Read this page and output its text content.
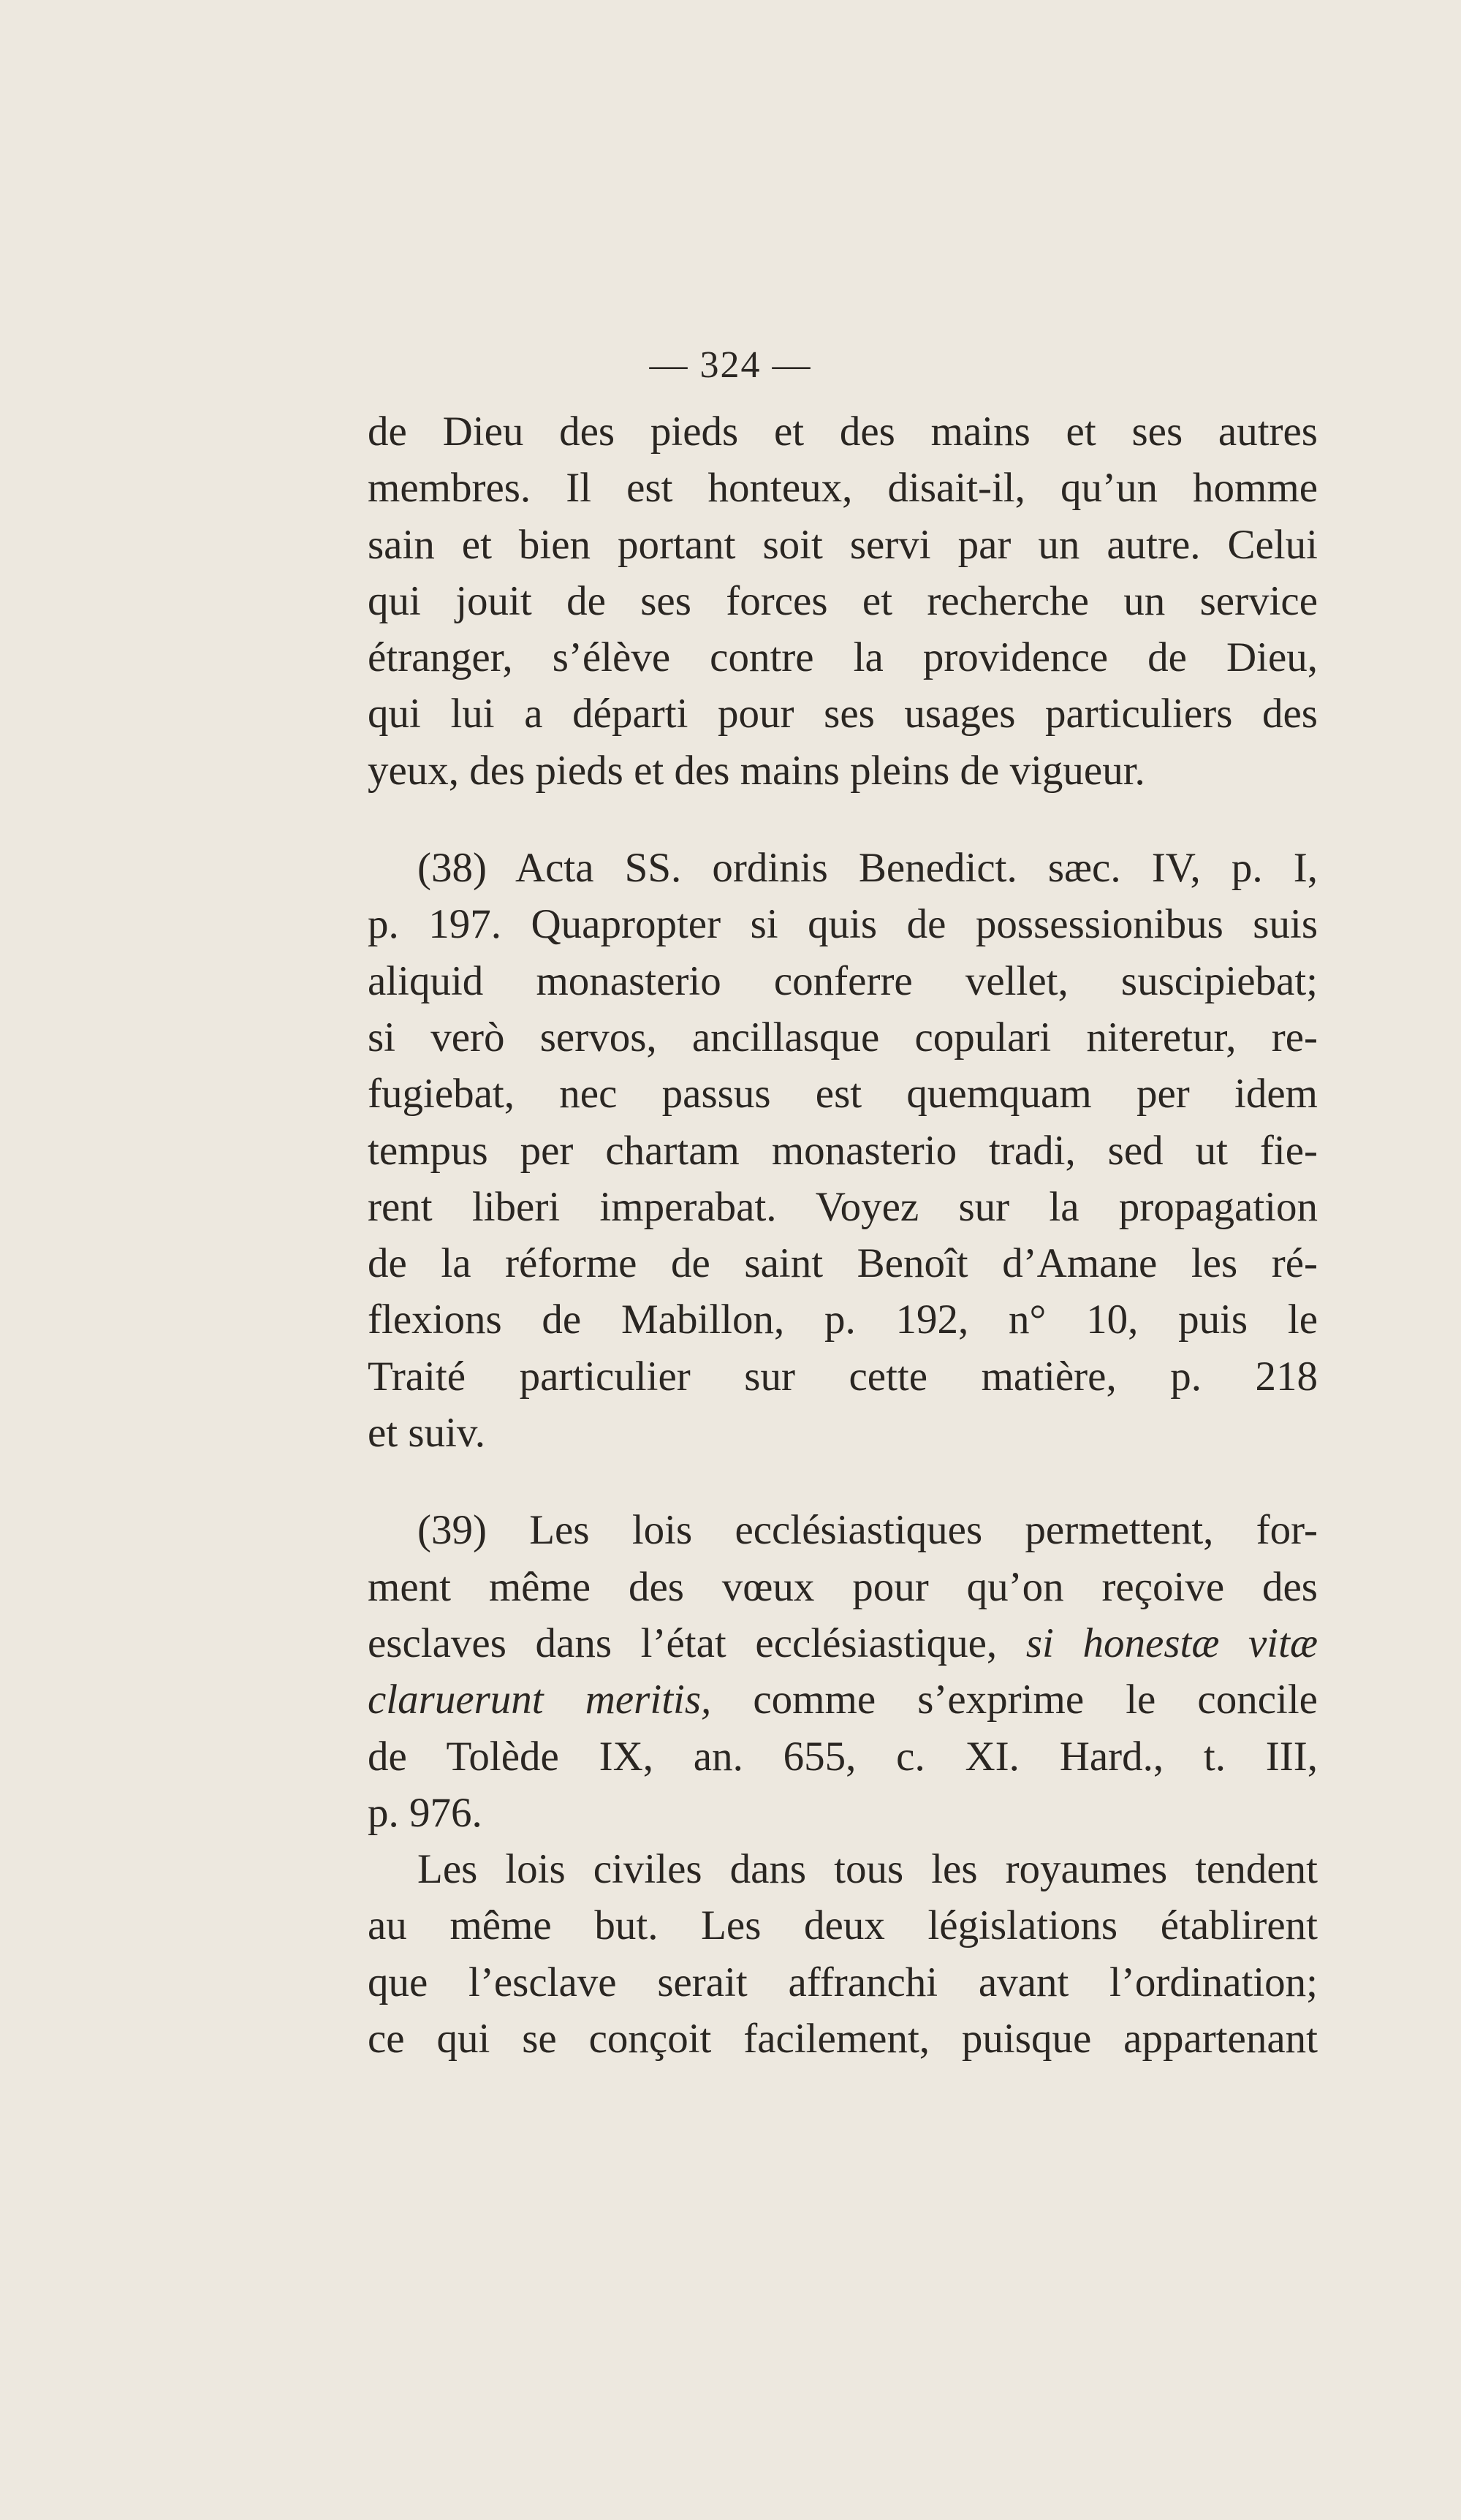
— 324 —
de Dieu des pieds et des mains et ses autres
membres. Il est honteux, disait-il, qu’un homme
sain et bien portant soit servi par un autre. Celui
qui jouit de ses forces et recherche un service
étranger, s’élève contre la providence de Dieu,
qui lui a départi pour ses usages particuliers des
yeux, des pieds et des mains pleins de vigueur.
(38) Acta SS. ordinis Benedict. sæc. IV, p. I,
p. 197. Quapropter si quis de possessionibus suis
aliquid monasterio conferre vellet, suscipiebat;
si verò servos, ancillasque copulari niteretur, re-
fugiebat, nec passus est quemquam per idem
tempus per chartam monasterio tradi, sed ut fie-
rent liberi imperabat. Voyez sur la propagation
de la réforme de saint Benoît d’Amane les ré-
flexions de Mabillon, p. 192, n° 10, puis le
Traité particulier sur cette matière, p. 218
et suiv.
(39) Les lois ecclésiastiques permettent, for-
ment même des vœux pour qu’on reçoive des
esclaves dans l’état ecclésiastique, si honestæ vitæ
claruerunt meritis, comme s’exprime le concile
de Tolède IX, an. 655, c. XI. Hard., t. III,
p. 976.
Les lois civiles dans tous les royaumes tendent
au même but. Les deux législations établirent
que l’esclave serait affranchi avant l’ordination;
ce qui se conçoit facilement, puisque appartenant
